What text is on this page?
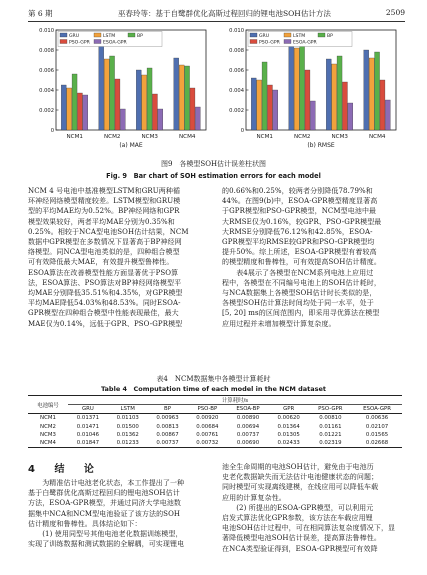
第 6 期	巫春玲等：基于自鹭群优化高斯过程回归的锂电池SOH估计方法	2509
0
0.002
0.004
0.006
0.008
0.010
NCM1	NCM2	NCM3	NCM4
GRU	LSTM	BP
PSO-GPR	ESOA-GPR
(a) MAE
0
0.002
0.004
0.006
0.008
0.010
NCM1	NCM2	NCM3	NCM4
GRU	LSTM	BP
PSO-GPR	ESOA-GPR
(b) RMSE
图9　各模型SOH估计误差柱状图
Fig. 9　Bar chart of SOH estimation errors for each model
NCM 4 号电池中基准模型LSTM和GRU两种循
环神经网络模型精度较差。LSTM模型和GRU模
型的平均MAE均为0.52%。BP神经网络和GPR
模型效果较好，两者平均MAE分别为0.35%和
0.25%。相较于NCA型电池SOH估计结果，NCM
数据中GPR模型在多数情况下显著高于BP神经网
络模型。同NCA型电池类似的是，四种组合模型
可有效降低最大MAE，有效提升模型鲁棒性。
ESOA算法在改善模型性能方面显著优于PSO算
法，ESOA算法、PSO算法对BP神经网络模型平
均MAE分别降低35.51%和4.35%，对GPR模型
平均MAE降低54.03%和48.53%。同时ESOA-
GPR模型在四种组合模型中性能表现最佳，最大
MAE仅为0.14%，远低于GPR、PSO-GPR模型
的0.66%和0.25%，较两者分别降低78.79%和
44%。在图9(b)中，ESOA-GPR模型精度显著高
于GPR模型和PSO-GPR模型，NCM型电池中最
大RMSE仅为0.16%，较GPR、PSO-GPR模型最
大RMSE分别降低76.12%和42.85%，ESOA-
GPR模型平均RMSE较GPR和PSO-GPR模型均
提升50%。综上所述，ESOA-GPR模型有着较高
的模型精度和鲁棒性，可有效提高SOH估计精度。
　　表4展示了各模型在NCM系列电池上应用过
程中，各模型在不同编号电池上的SOH估计耗时，
与NCA数据集上各模型SOH估计时长类似的是，
各模型SOH估计算法时间均处于同一水平，处于
[5, 20] ms的区间范围内，即采用寻优算法在模型
应用过程并未增加模型计算复杂度。
表4　NCM数据集中各模型计算耗时
Table 4　Computation time of each model in the NCM dataset
电池编号	计算耗时/s							
	GRU	LSTM	BP	PSO-BP	ESOA-BP	GPR	PSO-GPR	ESOA-GPR
NCM1	0.01371	0.01103	0.00963	0.00920	0.00890	0.00620	0.00810	0.00636
NCM2	0.01471	0.01500	0.00813	0.00684	0.00694	0.01364	0.01161	0.02107
NCM3	0.01046	0.01362	0.00867	0.00761	0.00737	0.01305	0.01221	0.01565
NCM4	0.01847	0.01233	0.00737	0.00732	0.00690	0.02433	0.02319	0.02668
4 结 论
　　为精准估计电池老化状态，本工作提出了一种
基于白鹭群优化高斯过程回归的锂电池SOH估计
方法，ESOA-GPR模型，并通过同济大学电池数
据集中NCA和NCM型电池验证了该方法的SOH
估计精度和鲁棒性。具体结论如下：
　　(1) 使用同型号其他电池老化数据训练模型，
实现了训练数据和测试数据的全解耦，可实现锂电
池全生命周期的电池SOH估计，避免由于电池历
史老化数据缺失而无法估计电池健康状态的问题；
同时模型可实现离线建模，在线应用可以降低车载
应用的计算复杂性。
　　(2) 所提出的ESOA-GPR模型，可以利用元
启发式算法优化GPR参数，该方法在车载应用锂
电池SOH估计过程中，可在相同算法复杂度情况下，显
著降低模型电池SOH估计误差，提高算法鲁棒性。
在NCA类型验证得到，ESOA-GPR模型可有效降
